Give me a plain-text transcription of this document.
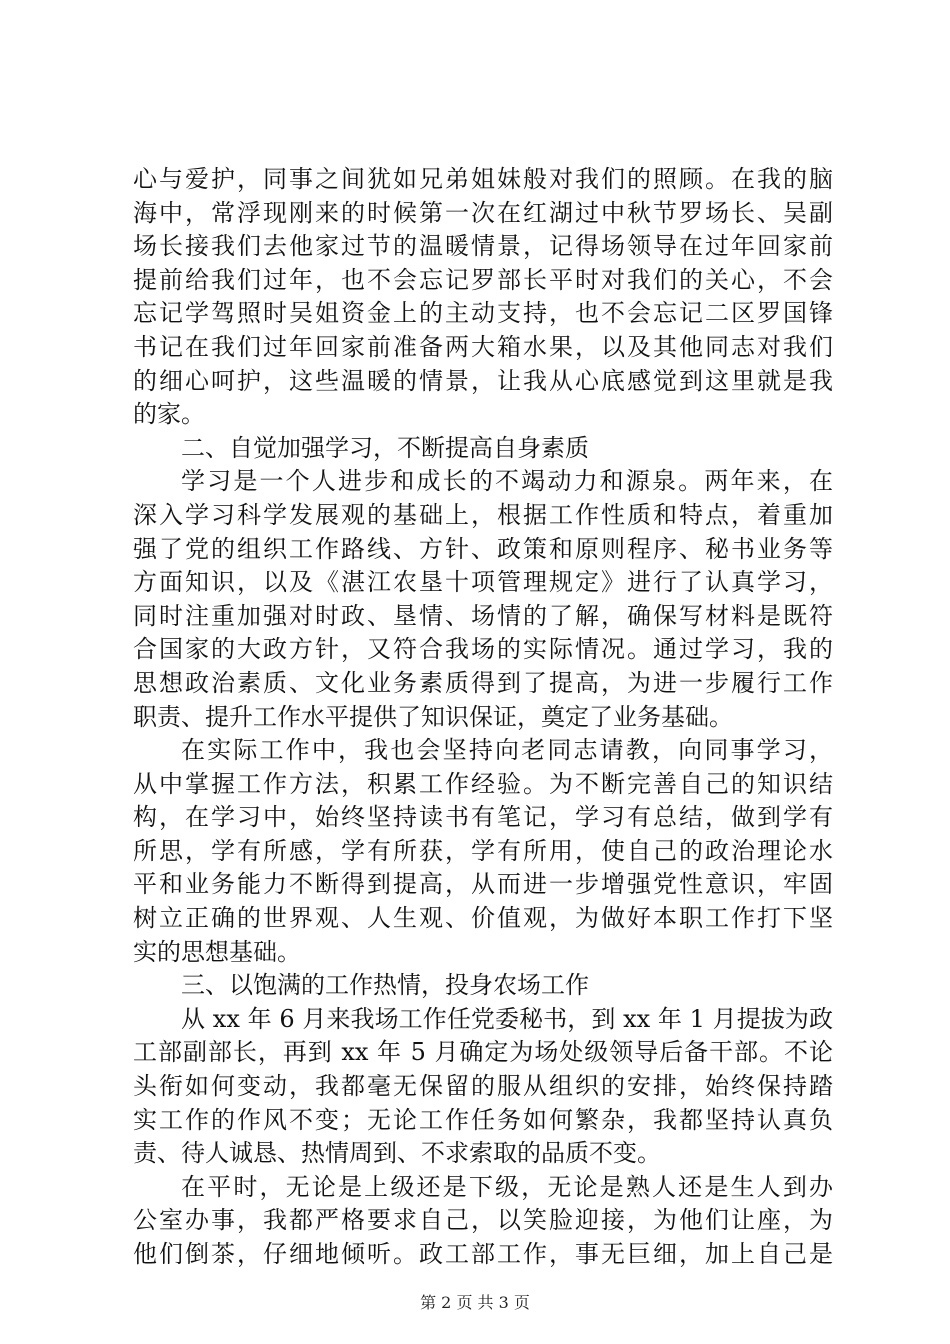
心与爱护，同事之间犹如兄弟姐妹般对我们的照顾。在我的脑
海中，常浮现刚来的时候第一次在红湖过中秋节罗场长、吴副
场长接我们去他家过节的温暖情景，记得场领导在过年回家前
提前给我们过年，也不会忘记罗部长平时对我们的关心，不会
忘记学驾照时吴姐资金上的主动支持，也不会忘记二区罗国锋
书记在我们过年回家前准备两大箱水果，以及其他同志对我们
的细心呵护，这些温暖的情景，让我从心底感觉到这里就是我
的家。
二、自觉加强学习，不断提高自身素质
学习是一个人进步和成长的不竭动力和源泉。两年来，在
深入学习科学发展观的基础上，根据工作性质和特点，着重加
强了党的组织工作路线、方针、政策和原则程序、秘书业务等
方面知识，以及《湛江农垦十项管理规定》进行了认真学习，
同时注重加强对时政、垦情、场情的了解，确保写材料是既符
合国家的大政方针，又符合我场的实际情况。通过学习，我的
思想政治素质、文化业务素质得到了提高，为进一步履行工作
职责、提升工作水平提供了知识保证，奠定了业务基础。
在实际工作中，我也会坚持向老同志请教，向同事学习，
从中掌握工作方法，积累工作经验。为不断完善自己的知识结
构，在学习中，始终坚持读书有笔记，学习有总结，做到学有
所思，学有所感，学有所获，学有所用，使自己的政治理论水
平和业务能力不断得到提高，从而进一步增强党性意识，牢固
树立正确的世界观、人生观、价值观，为做好本职工作打下坚
实的思想基础。
三、以饱满的工作热情，投身农场工作
从 xx 年 6 月来我场工作任党委秘书，到 xx 年 1 月提拔为政
工部副部长，再到 xx 年 5 月确定为场处级领导后备干部。不论
头衔如何变动，我都毫无保留的服从组织的安排，始终保持踏
实工作的作风不变；无论工作任务如何繁杂，我都坚持认真负
责、待人诚恳、热情周到、不求索取的品质不变。
在平时，无论是上级还是下级，无论是熟人还是生人到办
公室办事，我都严格要求自己，以笑脸迎接，为他们让座，为
他们倒茶，仔细地倾听。政工部工作，事无巨细，加上自己是
第 2 页 共 3 页
